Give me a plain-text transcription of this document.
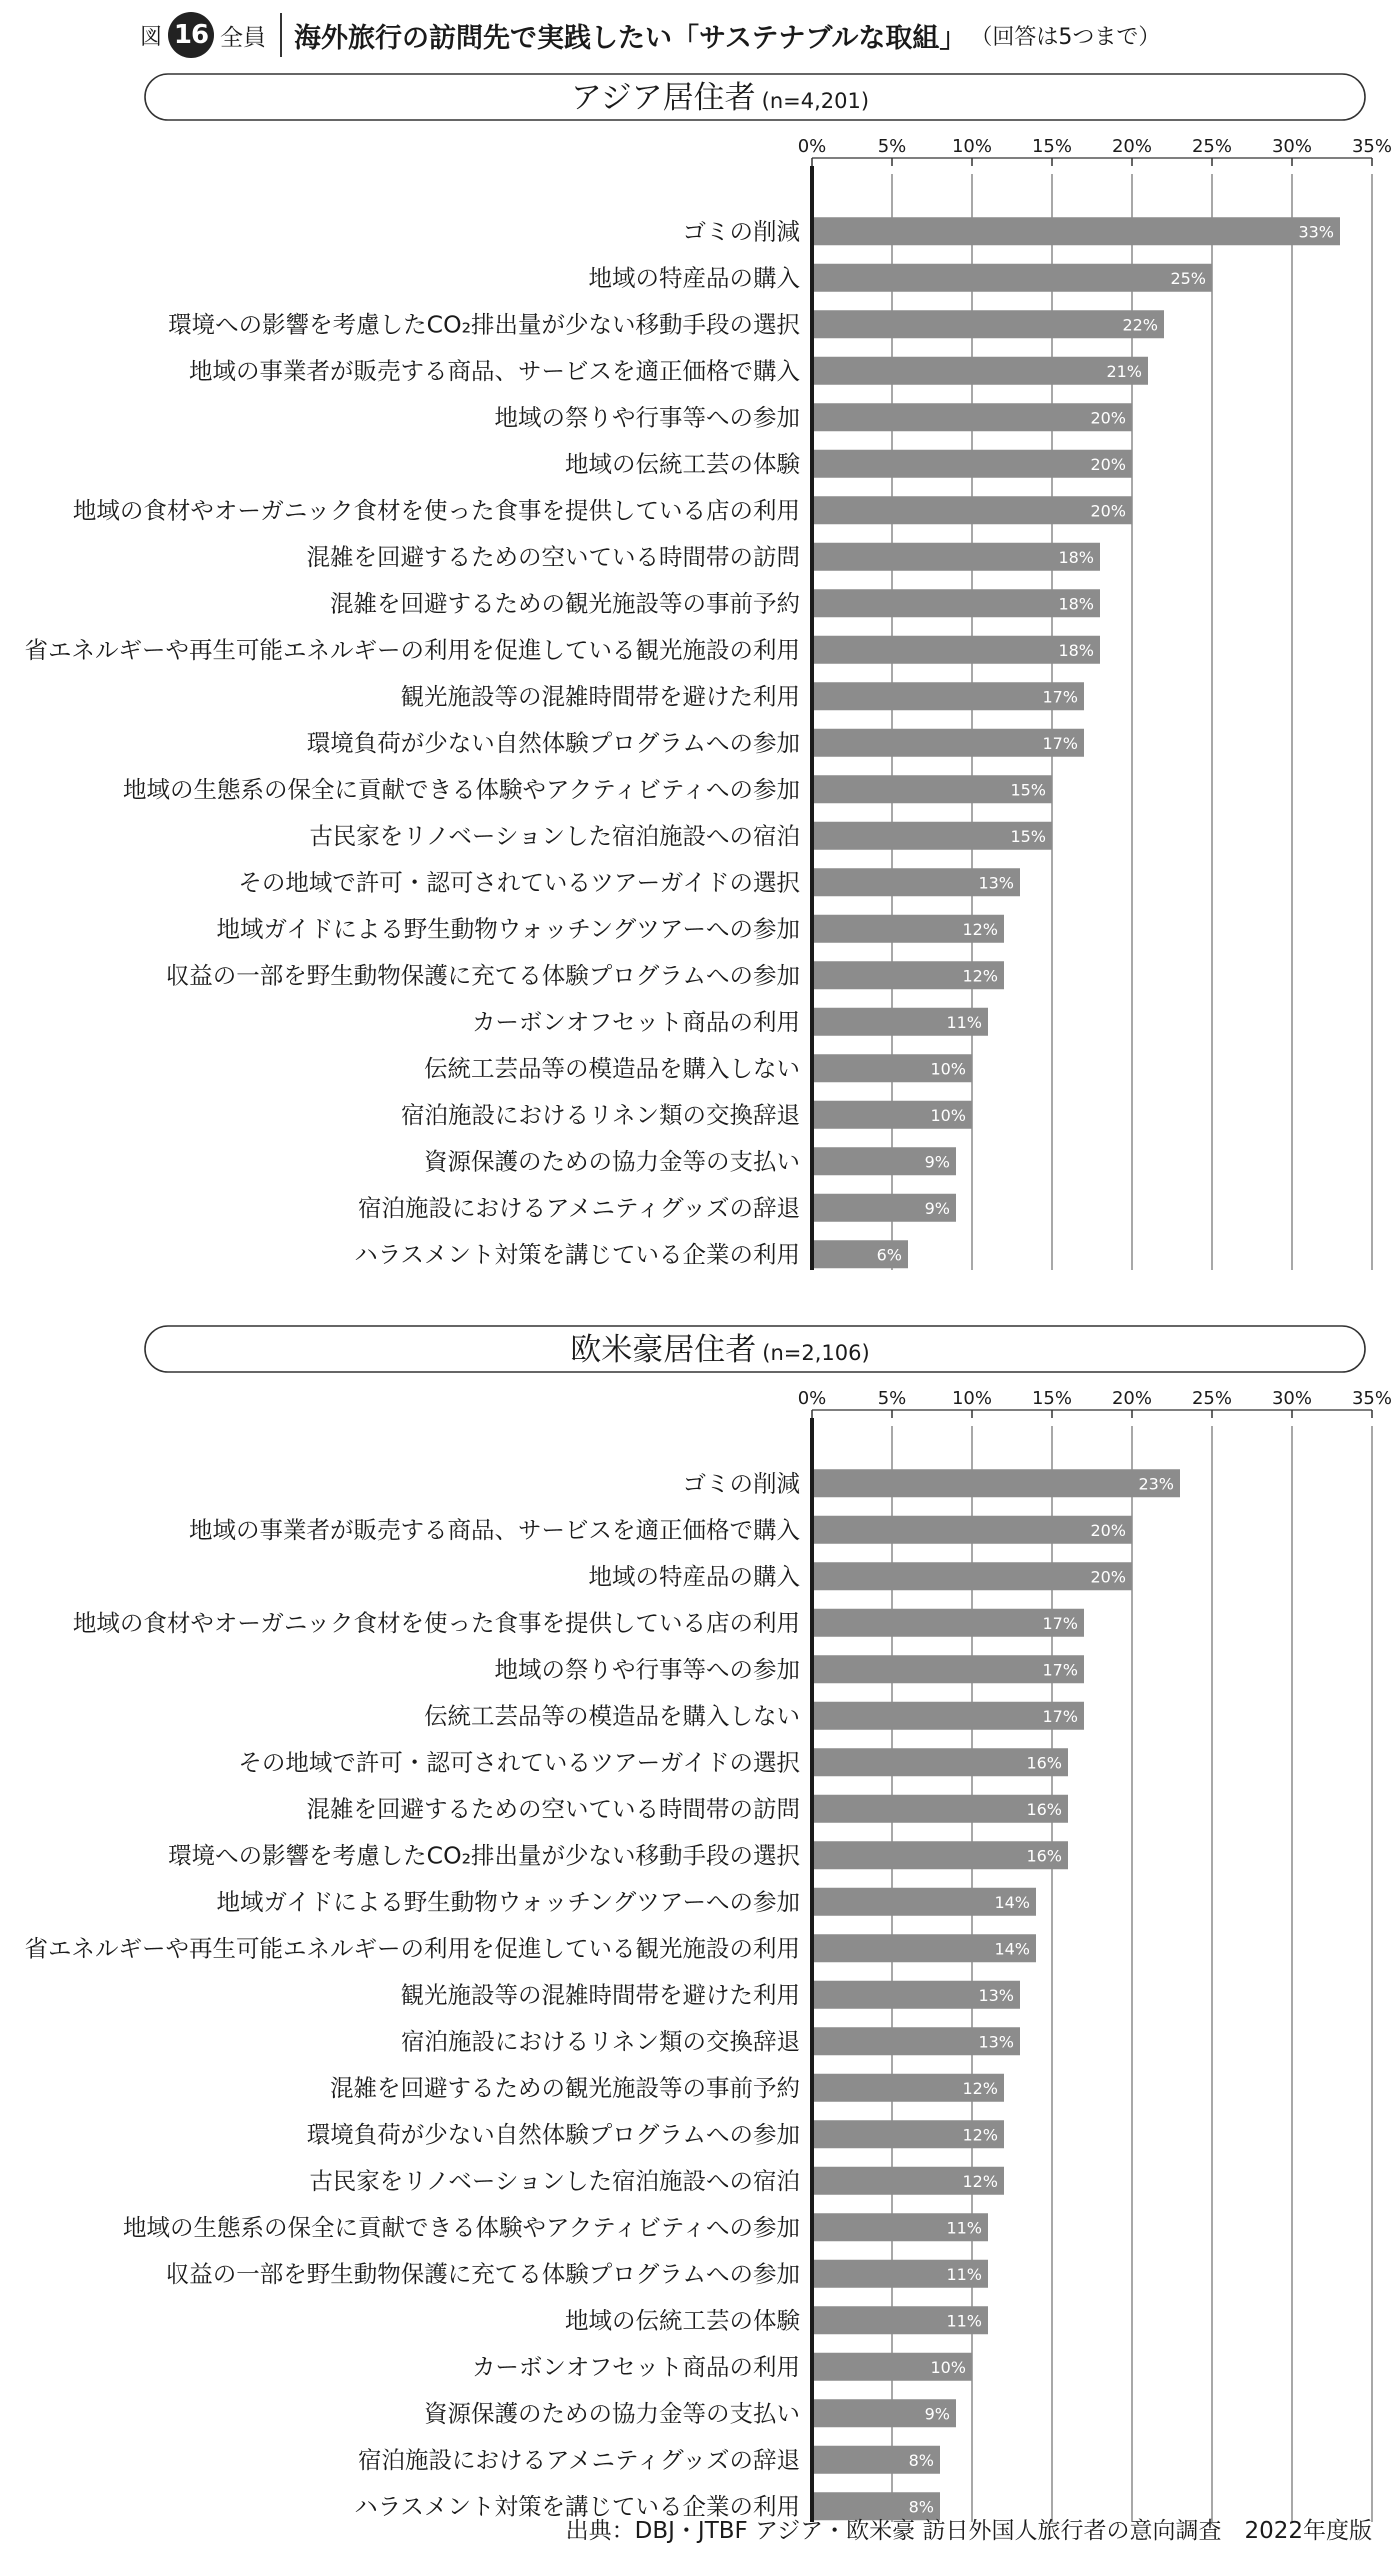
図 16 全員 海外旅行の訪問先で実践したい「サステナブルな取組」 （回答は5つまで）
アジア居住者 (n=4,201)
0%	5%	10% 15% 20% 25% 30% 35%
ゴミの削減	33%
地域の特産品の購入	25%
環境への影響を考慮したCO₂排出量が少ない移動手段の選択	22%
地域の事業者が販売する商品、サービスを適正価格で購入	21%
地域の祭りや行事等への参加	20%
地域の伝統工芸の体験	20%
地域の食材やオーガニック食材を使った食事を提供している店の利用	20%
混雑を回避するための空いている時間帯の訪問	18%
混雑を回避するための観光施設等の事前予約	18%
省エネルギーや再生可能エネルギーの利用を促進している観光施設の利用	18%
観光施設等の混雑時間帯を避けた利用	17%
環境負荷が少ない自然体験プログラムへの参加	17%
地域の生態系の保全に貢献できる体験やアクティビティへの参加	15%
古民家をリノベーションした宿泊施設への宿泊	15%
その地域で許可・認可されているツアーガイドの選択	13%
地域ガイドによる野生動物ウォッチングツアーへの参加	12%
収益の一部を野生動物保護に充てる体験プログラムへの参加	12%
カーボンオフセット商品の利用	11%
伝統工芸品等の模造品を購入しない	10%
宿泊施設におけるリネン類の交換辞退	10%
資源保護のための協力金等の支払い	9%
宿泊施設におけるアメニティグッズの辞退	9%
ハラスメント対策を講じている企業の利用	6%
欧米豪居住者 (n=2,106)
0%	5%	10% 15% 20% 25% 30% 35%
ゴミの削減	23%
地域の事業者が販売する商品、サービスを適正価格で購入	20%
地域の特産品の購入	20%
地域の食材やオーガニック食材を使った食事を提供している店の利用	17%
地域の祭りや行事等への参加	17%
伝統工芸品等の模造品を購入しない	17%
その地域で許可・認可されているツアーガイドの選択	16%
混雑を回避するための空いている時間帯の訪問	16%
環境への影響を考慮したCO₂排出量が少ない移動手段の選択	16%
地域ガイドによる野生動物ウォッチングツアーへの参加	14%
省エネルギーや再生可能エネルギーの利用を促進している観光施設の利用	14%
観光施設等の混雑時間帯を避けた利用	13%
宿泊施設におけるリネン類の交換辞退	13%
混雑を回避するための観光施設等の事前予約	12%
環境負荷が少ない自然体験プログラムへの参加	12%
古民家をリノベーションした宿泊施設への宿泊	12%
地域の生態系の保全に貢献できる体験やアクティビティへの参加	11%
収益の一部を野生動物保護に充てる体験プログラムへの参加	11%
地域の伝統工芸の体験	11%
カーボンオフセット商品の利用	10%
資源保護のための協力金等の支払い	9%
宿泊施設におけるアメニティグッズの辞退	8%
ハラスメント対策を講じている企業の利用	8%
出典：DBJ・JTBF アジア・欧米豪 訪日外国人旅行者の意向調査　2022年度版
